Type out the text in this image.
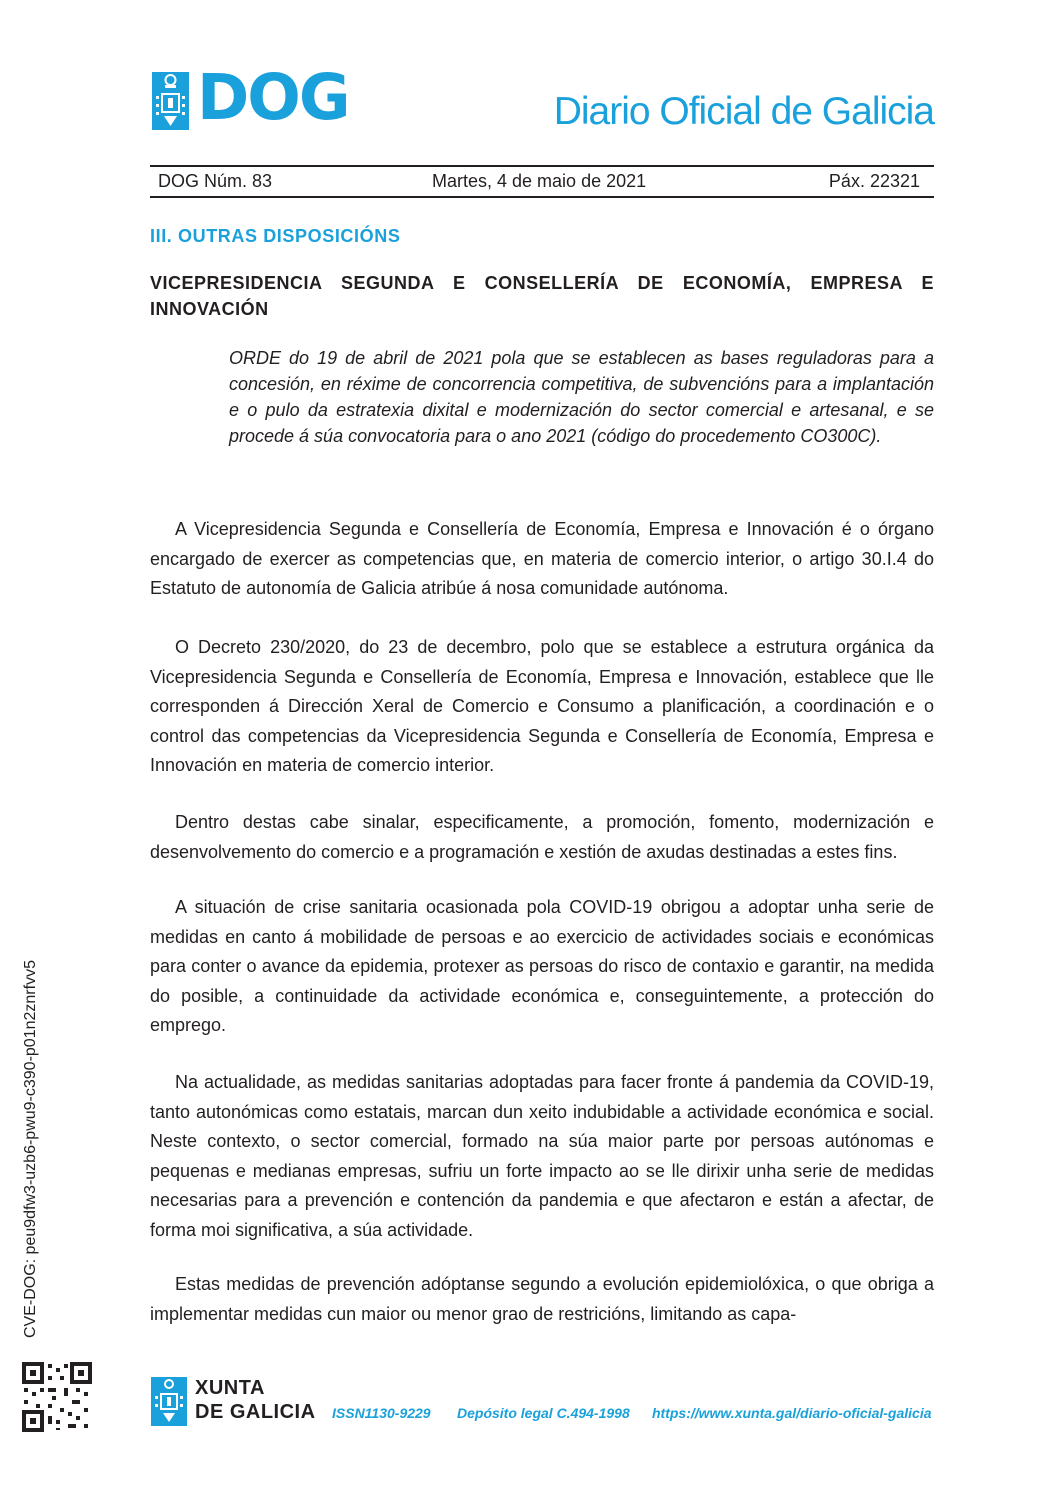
DOG	Diario Oficial de Galicia
DOG Núm. 83	Martes, 4 de maio de 2021	Páx. 22321
III. OUTRAS DISPOSICIÓNS
VICEPRESIDENCIA SEGUNDA E CONSELLERÍA DE ECONOMÍA, EMPRESA E INNOVACIÓN
ORDE do 19 de abril de 2021 pola que se establecen as bases reguladoras para a concesión, en réxime de concorrencia competitiva, de subvencións para a implantación e o pulo da estratexia dixital e modernización do sector comercial e artesanal, e se procede á súa convocatoria para o ano 2021 (código do procedemento CO300C).

A Vicepresidencia Segunda e Consellería de Economía, Empresa e Innovación é o órgano encargado de exercer as competencias que, en materia de comercio interior, o artigo 30.I.4 do Estatuto de autonomía de Galicia atribúe á nosa comunidade autónoma.

O Decreto 230/2020, do 23 de decembro, polo que se establece a estrutura orgánica da Vicepresidencia Segunda e Consellería de Economía, Empresa e Innovación, establece que lle corresponden á Dirección Xeral de Comercio e Consumo a planificación, a coordinación e o control das competencias da Vicepresidencia Segunda e Consellería de Economía, Empresa e Innovación en materia de comercio interior.

Dentro destas cabe sinalar, especificamente, a promoción, fomento, modernización e desenvolvemento do comercio e a programación e xestión de axudas destinadas a estes fins.

A situación de crise sanitaria ocasionada pola COVID-19 obrigou a adoptar unha serie de medidas en canto á mobilidade de persoas e ao exercicio de actividades sociais e económicas para conter o avance da epidemia, protexer as persoas do risco de contaxio e garantir, na medida do posible, a continuidade da actividade económica e, conseguintemente, a protección do emprego.

Na actualidade, as medidas sanitarias adoptadas para facer fronte á pandemia da COVID-19, tanto autonómicas como estatais, marcan dun xeito indubidable a actividade económica e social. Neste contexto, o sector comercial, formado na súa maior parte por persoas autónomas e pequenas e medianas empresas, sufriu un forte impacto ao se lle dirixir unha serie de medidas necesarias para a prevención e contención da pandemia e que afectaron e están a afectar, de forma moi significativa, a súa actividade.

Estas medidas de prevención adóptanse segundo a evolución epidemiolóxica, o que obriga a implementar medidas cun maior ou menor grao de restricións, limitando as capa-

CVE-DOG: peu9dfw3-uzb6-pwu9-c390-p01n2znrfvv5
XUNTA
DE GALICIA ISSN1130-9229 Depósito legal C.494-1998 https://www.xunta.gal/diario-oficial-galicia
